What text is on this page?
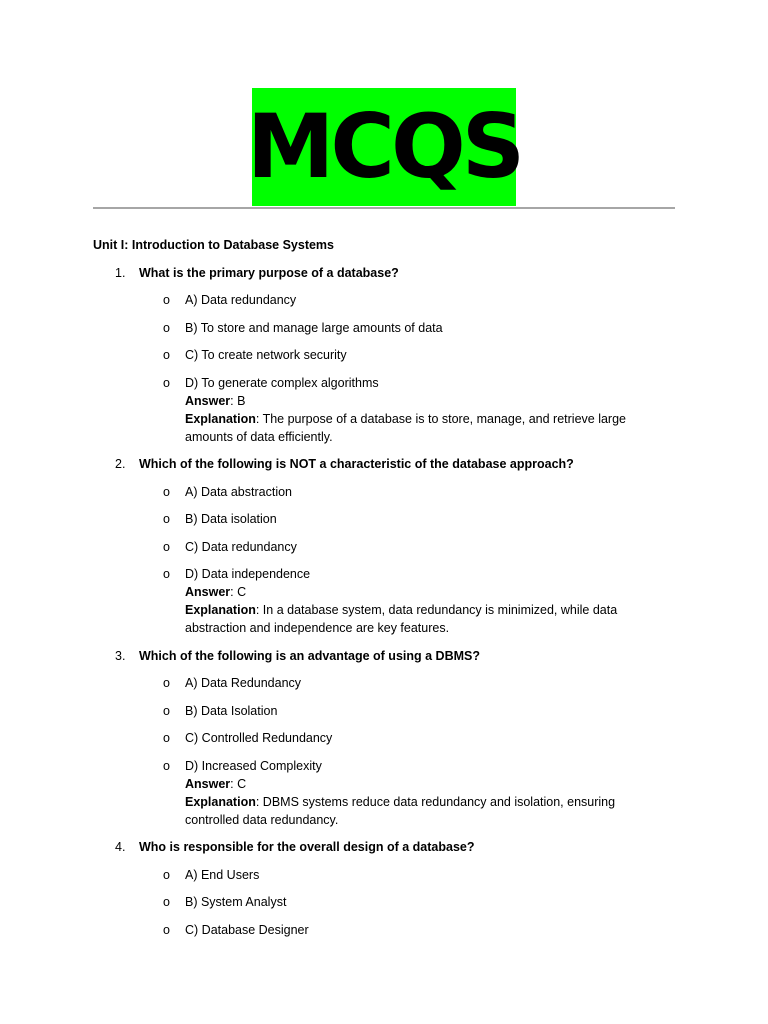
MCQS

Unit I: Introduction to Database Systems

1. What is the primary purpose of a database?
o A) Data redundancy
o B) To store and manage large amounts of data
o C) To create network security
o D) To generate complex algorithms
Answer: B
Explanation: The purpose of a database is to store, manage, and retrieve large amounts of data efficiently.
2. Which of the following is NOT a characteristic of the database approach?
o A) Data abstraction
o B) Data isolation
o C) Data redundancy
o D) Data independence
Answer: C
Explanation: In a database system, data redundancy is minimized, while data abstraction and independence are key features.
3. Which of the following is an advantage of using a DBMS?
o A) Data Redundancy
o B) Data Isolation
o C) Controlled Redundancy
o D) Increased Complexity
Answer: C
Explanation: DBMS systems reduce data redundancy and isolation, ensuring controlled data redundancy.
4. Who is responsible for the overall design of a database?
o A) End Users
o B) System Analyst
o C) Database Designer
